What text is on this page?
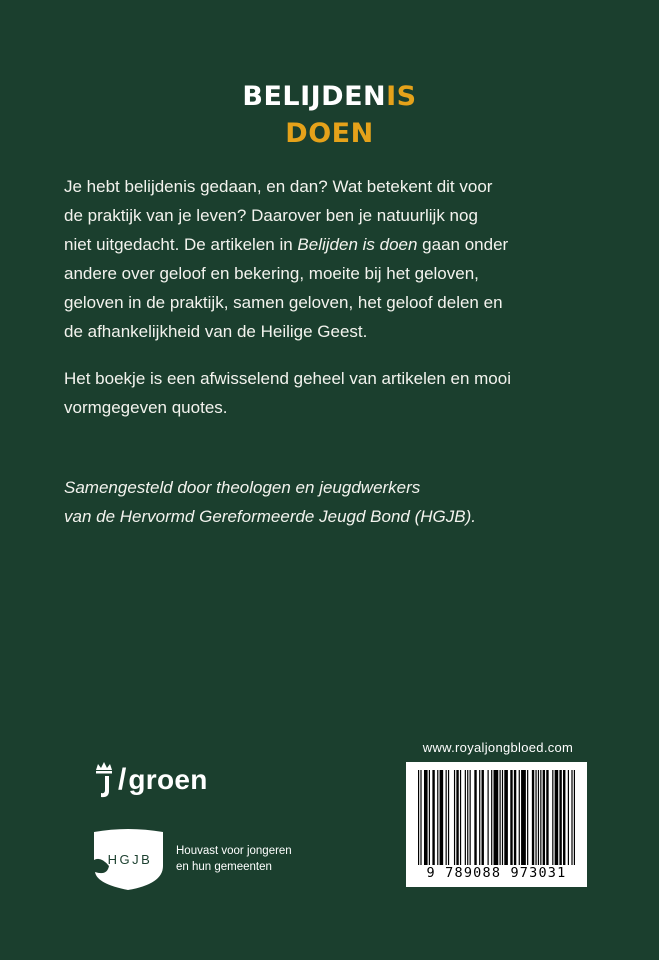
BELIJDENIS
DOEN

Je hebt belijdenis gedaan, en dan? Wat betekent dit voor
de praktijk van je leven? Daarover ben je natuurlijk nog
niet uitgedacht. De artikelen in Belijden is doen gaan onder
andere over geloof en bekering, moeite bij het geloven,
geloven in de praktijk, samen geloven, het geloof delen en
de afhankelijkheid van de Heilige Geest.

Het boekje is een afwisselend geheel van artikelen en mooi
vormgegeven quotes.

Samengesteld door theologen en jeugdwerkers
van de Hervormd Gereformeerde Jeugd Bond (HGJB).

/ groen
HGJB
Houvast voor jongeren
en hun gemeenten
www.royaljongbloed.com
9 789088 973031
